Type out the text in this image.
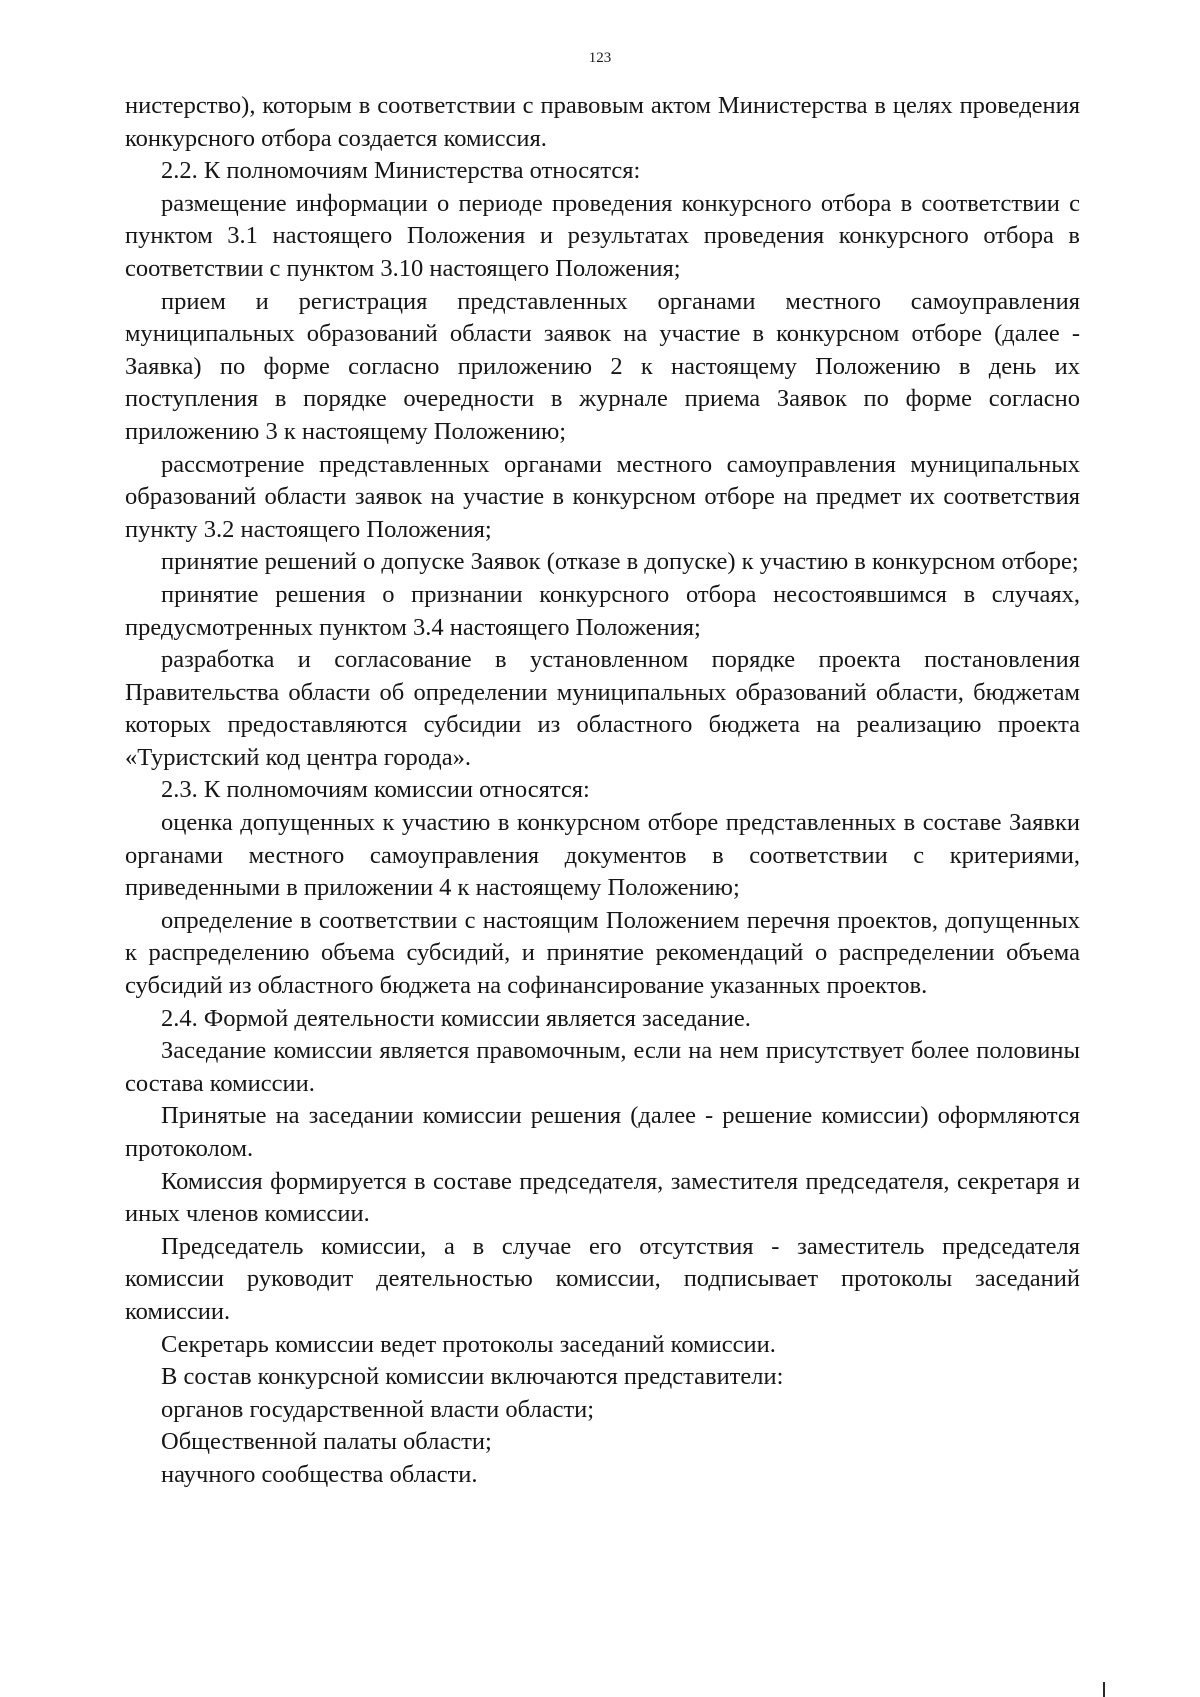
123

нистерство), которым в соответствии с правовым актом Министерства в целях проведения конкурсного отбора создается комиссия.

2.2. К полномочиям Министерства относятся:

размещение информации о периоде проведения конкурсного отбора в соответствии с пунктом 3.1 настоящего Положения и результатах проведения конкурсного отбора в соответствии с пунктом 3.10 настоящего Положения;

прием и регистрация представленных органами местного самоуправления муниципальных образований области заявок на участие в конкурсном отборе (далее - Заявка) по форме согласно приложению 2 к настоящему Положению в день их поступления в порядке очередности в журнале приема Заявок по форме согласно приложению 3 к настоящему Положению;

рассмотрение представленных органами местного самоуправления муниципальных образований области заявок на участие в конкурсном отборе на предмет их соответствия пункту 3.2 настоящего Положения;

принятие решений о допуске Заявок (отказе в допуске) к участию в конкурсном отборе;

принятие решения о признании конкурсного отбора несостоявшимся в случаях, предусмотренных пунктом 3.4 настоящего Положения;

разработка и согласование в установленном порядке проекта постановления Правительства области об определении муниципальных образований области, бюджетам которых предоставляются субсидии из областного бюджета на реализацию проекта «Туристский код центра города».

2.3. К полномочиям комиссии относятся:

оценка допущенных к участию в конкурсном отборе представленных в составе Заявки органами местного самоуправления документов в соответствии с критериями, приведенными в приложении 4 к настоящему Положению;

определение в соответствии с настоящим Положением перечня проектов, допущенных к распределению объема субсидий, и принятие рекомендаций о распределении объема субсидий из областного бюджета на софинансирование указанных проектов.

2.4. Формой деятельности комиссии является заседание.

Заседание комиссии является правомочным, если на нем присутствует более половины состава комиссии.

Принятые на заседании комиссии решения (далее - решение комиссии) оформляются протоколом.

Комиссия формируется в составе председателя, заместителя председателя, секретаря и иных членов комиссии.

Председатель комиссии, а в случае его отсутствия - заместитель председателя комиссии руководит деятельностью комиссии, подписывает протоколы заседаний комиссии.

Секретарь комиссии ведет протоколы заседаний комиссии.

В состав конкурсной комиссии включаются представители:

органов государственной власти области;

Общественной палаты области;

научного сообщества области.
